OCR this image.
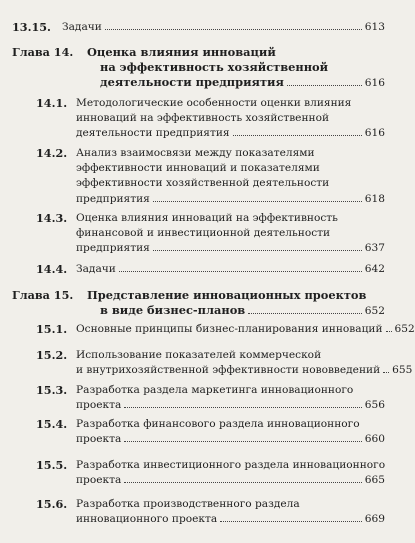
13.15. Задачи	613
Глава 14. Оценка влияния инноваций
на эффективность хозяйственной
деятельности предприятия	616
14.1. Методологические особенности оценки влияния
инноваций на эффективность хозяйственной
деятельности предприятия	616
14.2. Анализ взаимосвязи между показателями
эффективности инноваций и показателями
эффективности хозяйственной деятельности
предприятия	618
14.3. Оценка влияния инноваций на эффективность
финансовой и инвестиционной деятельности
предприятия	637
14.4. Задачи	642
Глава 15. Представление инновационных проектов
в виде бизнес-планов	652
15.1. Основные принципы бизнес-планирования инноваций 652
15.2. Использование показателей коммерческой
и внутрихозяйственной эффективности нововведений 655
15.3. Разработка раздела маркетинга инновационного
проекта	656
15.4. Разработка финансового раздела инновационного
проекта	660
15.5. Разработка инвестиционного раздела инновационного
проекта	665
15.6. Разработка производственного раздела
инновационного проекта	669
